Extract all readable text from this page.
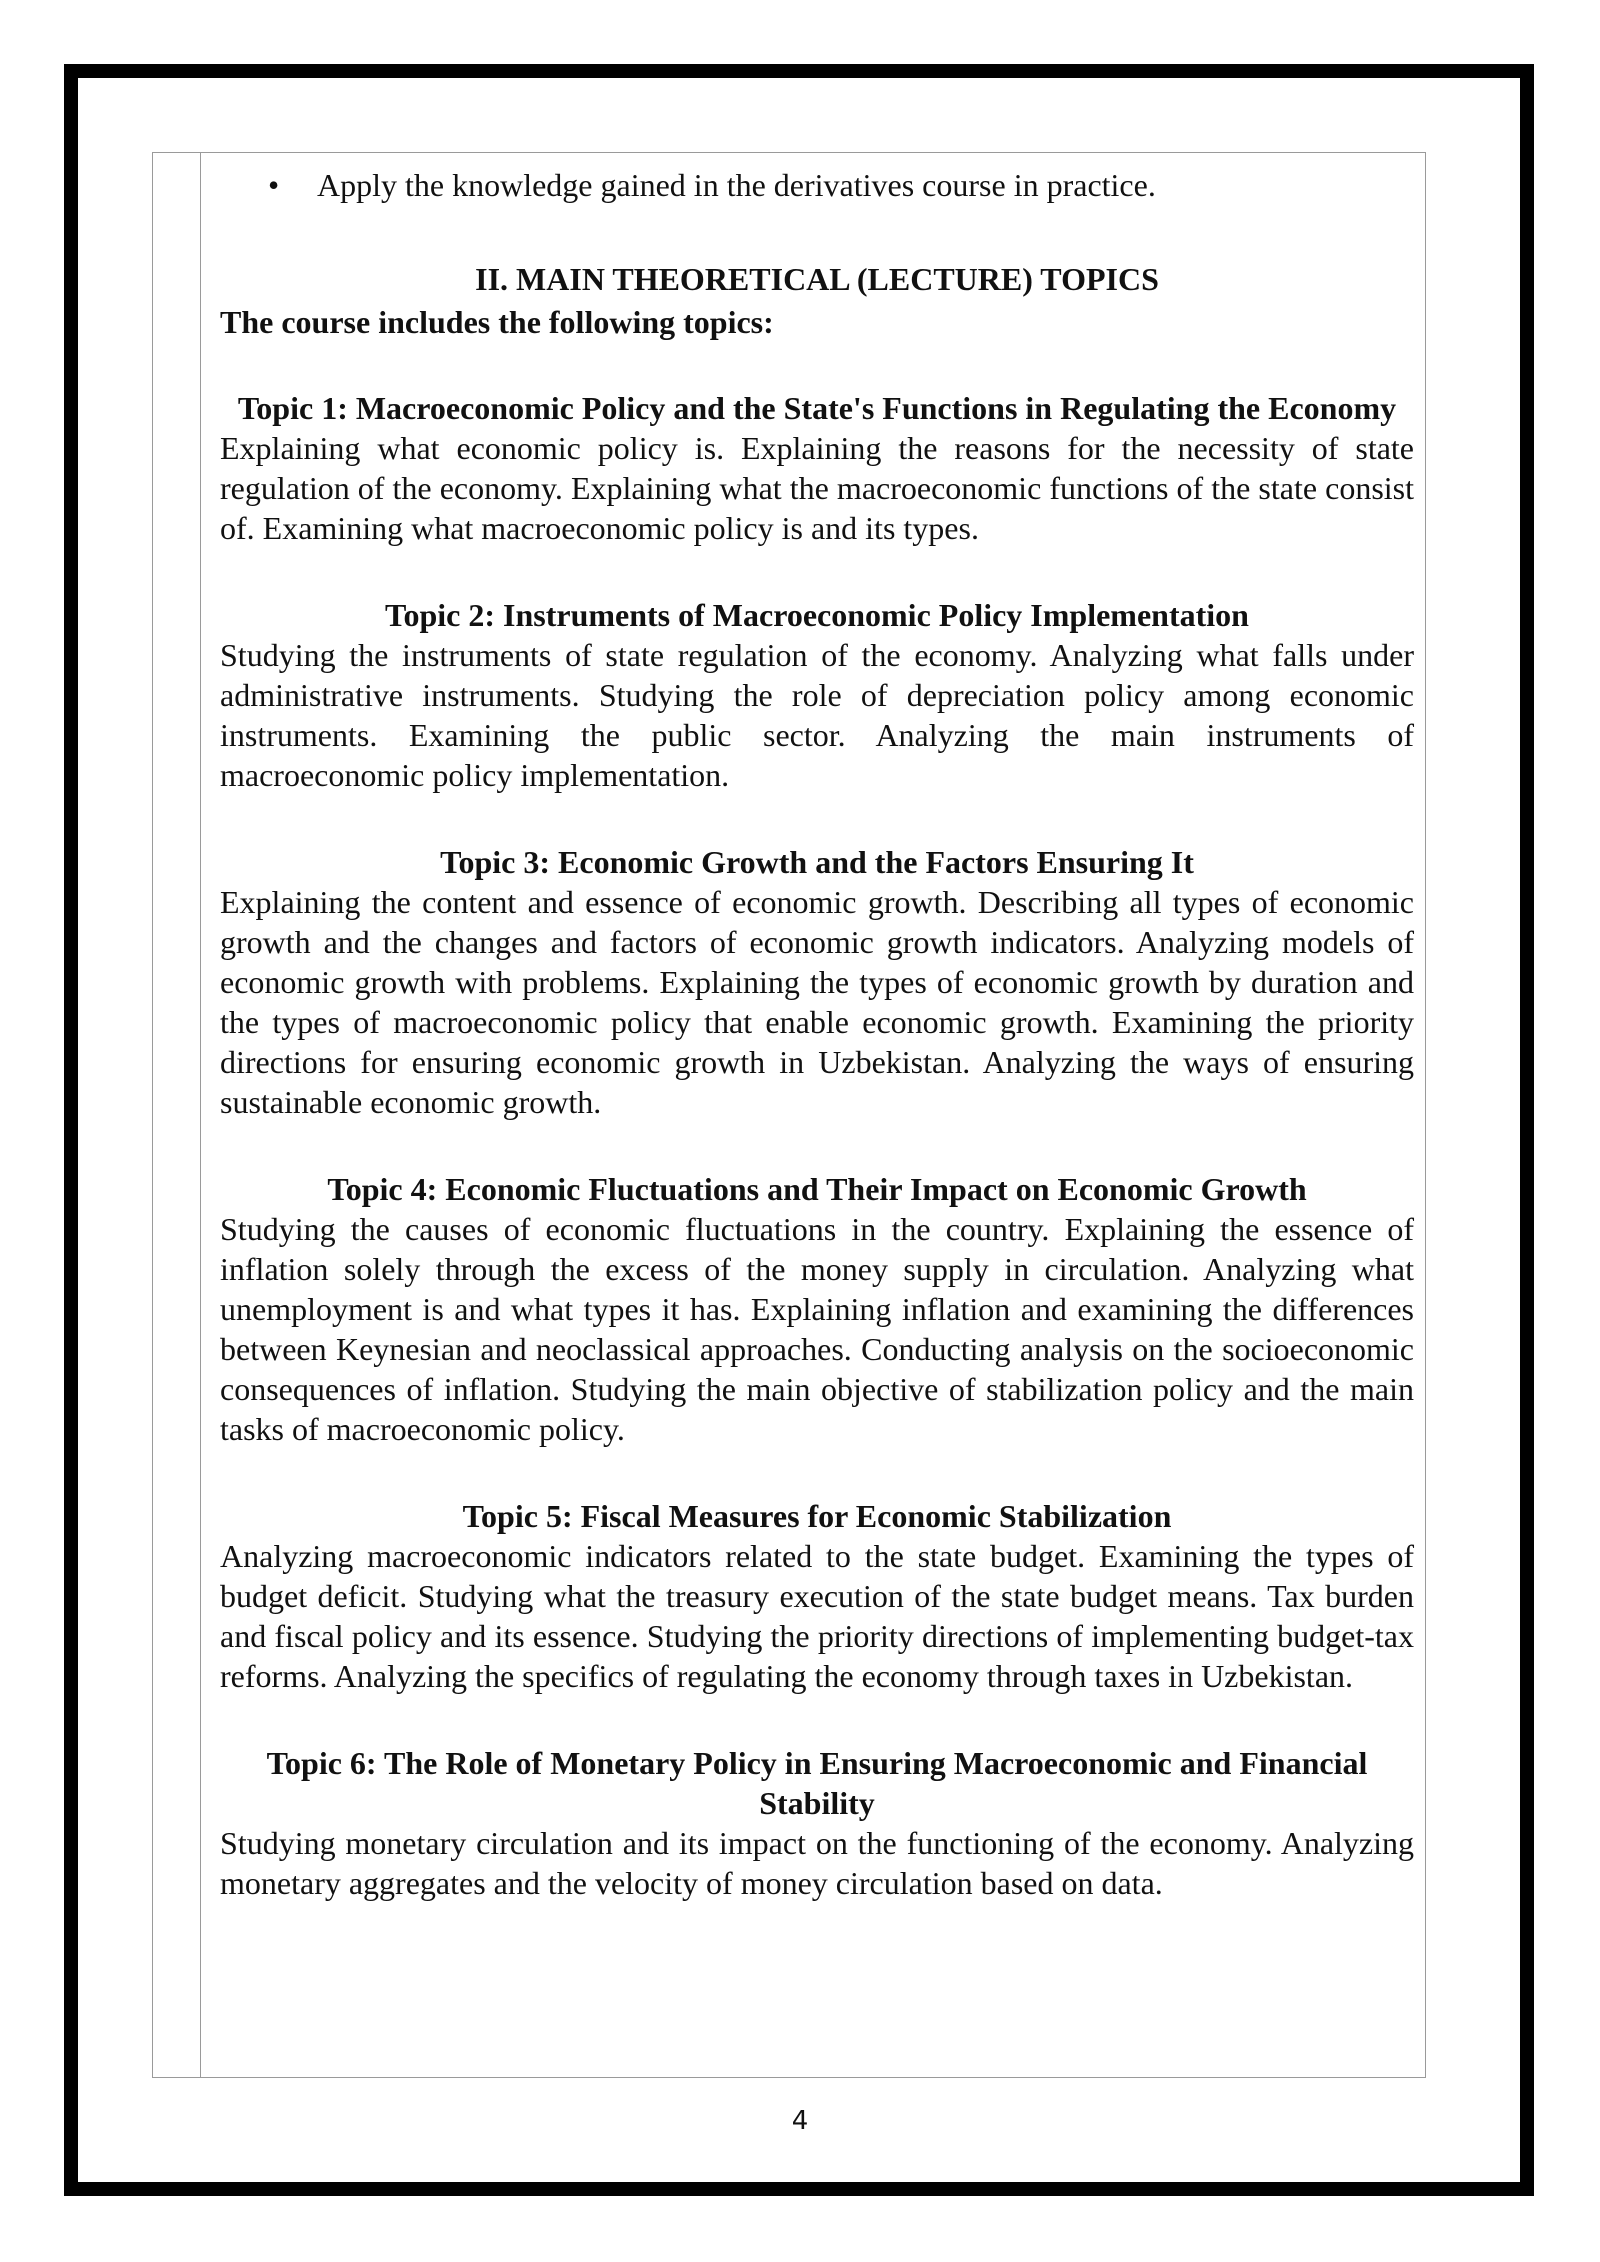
• Apply the knowledge gained in the derivatives course in practice.

II. MAIN THEORETICAL (LECTURE) TOPICS

The course includes the following topics:

Topic 1: Macroeconomic Policy and the State's Functions in Regulating the Economy

Explaining what economic policy is. Explaining the reasons for the necessity of state regulation of the economy. Explaining what the macroeconomic functions of the state consist of. Examining what macroeconomic policy is and its types.

Topic 2: Instruments of Macroeconomic Policy Implementation

Studying the instruments of state regulation of the economy. Analyzing what falls under administrative instruments. Studying the role of depreciation policy among economic instruments. Examining the public sector. Analyzing the main instruments of macroeconomic policy implementation.

Topic 3: Economic Growth and the Factors Ensuring It

Explaining the content and essence of economic growth. Describing all types of economic growth and the changes and factors of economic growth indicators. Analyzing models of economic growth with problems. Explaining the types of economic growth by duration and the types of macroeconomic policy that enable economic growth. Examining the priority directions for ensuring economic growth in Uzbekistan. Analyzing the ways of ensuring sustainable economic growth.

Topic 4: Economic Fluctuations and Their Impact on Economic Growth

Studying the causes of economic fluctuations in the country. Explaining the essence of inflation solely through the excess of the money supply in circulation. Analyzing what unemployment is and what types it has. Explaining inflation and examining the differences between Keynesian and neoclassical approaches. Conducting analysis on the socioeconomic consequences of inflation. Studying the main objective of stabilization policy and the main tasks of macroeconomic policy.

Topic 5: Fiscal Measures for Economic Stabilization

Analyzing macroeconomic indicators related to the state budget. Examining the types of budget deficit. Studying what the treasury execution of the state budget means. Tax burden and fiscal policy and its essence. Studying the priority directions of implementing budget-tax reforms. Analyzing the specifics of regulating the economy through taxes in Uzbekistan.

Topic 6: The Role of Monetary Policy in Ensuring Macroeconomic and Financial Stability

Studying monetary circulation and its impact on the functioning of the economy. Analyzing monetary aggregates and the velocity of money circulation based on data.

4
